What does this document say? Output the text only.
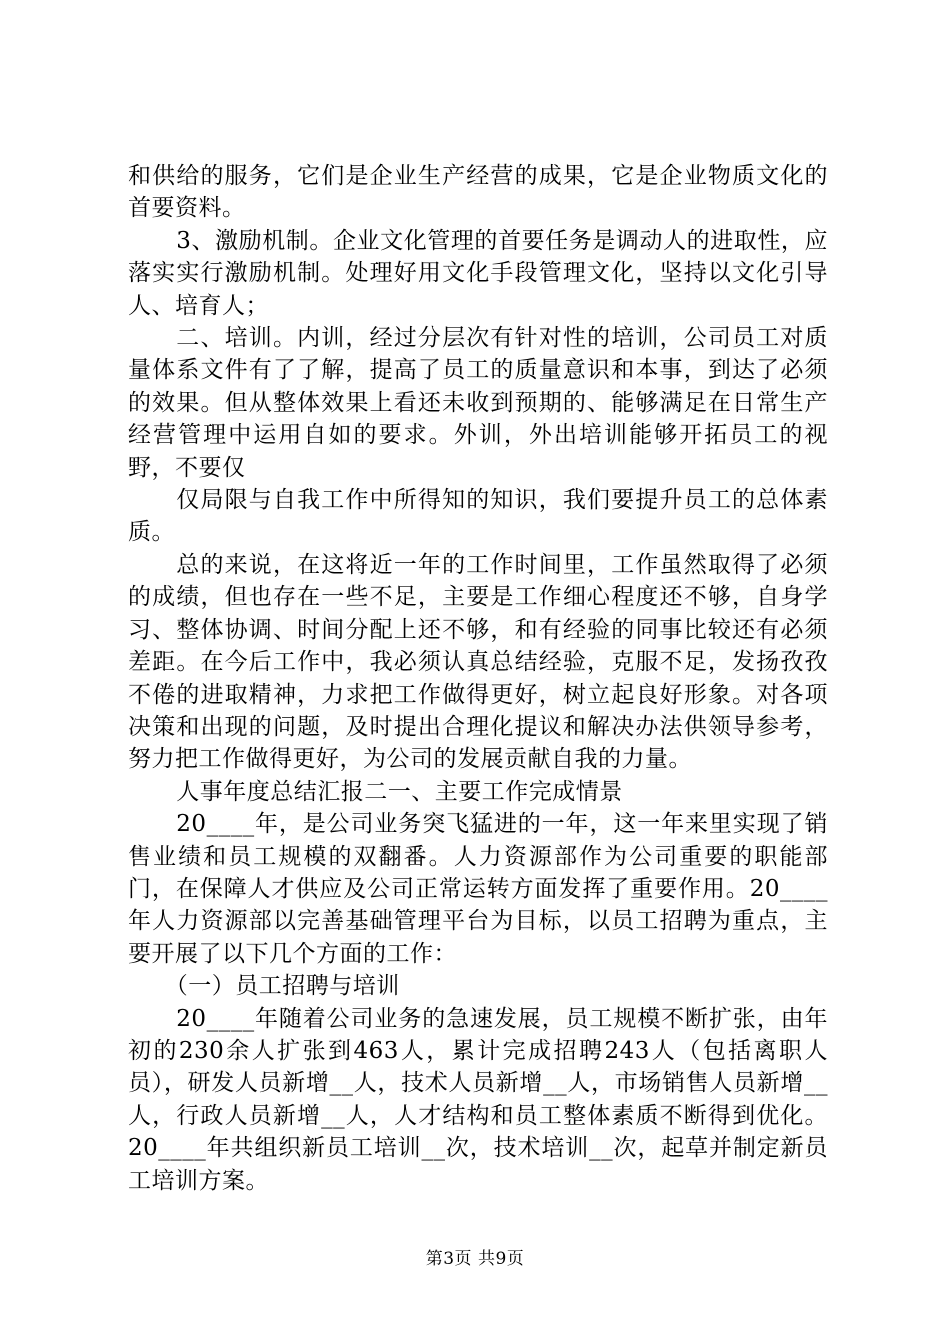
和供给的服务，它们是企业生产经营的成果，它是企业物质文化的首要资料。

3、激励机制。企业文化管理的首要任务是调动人的进取性，应落实实行激励机制。处理好用文化手段管理文化，坚持以文化引导人、培育人；

二、培训。内训，经过分层次有针对性的培训，公司员工对质量体系文件有了了解，提高了员工的质量意识和本事，到达了必须的效果。但从整体效果上看还未收到预期的、能够满足在日常生产经营管理中运用自如的要求。外训，外出培训能够开拓员工的视野，不要仅

仅局限与自我工作中所得知的知识，我们要提升员工的总体素质。

总的来说，在这将近一年的工作时间里，工作虽然取得了必须的成绩，但也存在一些不足，主要是工作细心程度还不够，自身学习、整体协调、时间分配上还不够，和有经验的同事比较还有必须差距。在今后工作中，我必须认真总结经验，克服不足，发扬孜孜不倦的进取精神，力求把工作做得更好，树立起良好形象。对各项决策和出现的问题，及时提出合理化提议和解决办法供领导参考，努力把工作做得更好，为公司的发展贡献自我的力量。

人事年度总结汇报二一、主要工作完成情景

20____年，是公司业务突飞猛进的一年，这一年来里实现了销售业绩和员工规模的双翻番。人力资源部作为公司重要的职能部门，在保障人才供应及公司正常运转方面发挥了重要作用。20____年人力资源部以完善基础管理平台为目标，以员工招聘为重点，主要开展了以下几个方面的工作：

（一）员工招聘与培训

20____年随着公司业务的急速发展，员工规模不断扩张，由年初的230余人扩张到463人，累计完成招聘243人（包括离职人员），研发人员新增__人，技术人员新增__人，市场销售人员新增__人，行政人员新增__人，人才结构和员工整体素质不断得到优化。20____年共组织新员工培训__次，技术培训__次，起草并制定新员工培训方案。

第3页 共9页
